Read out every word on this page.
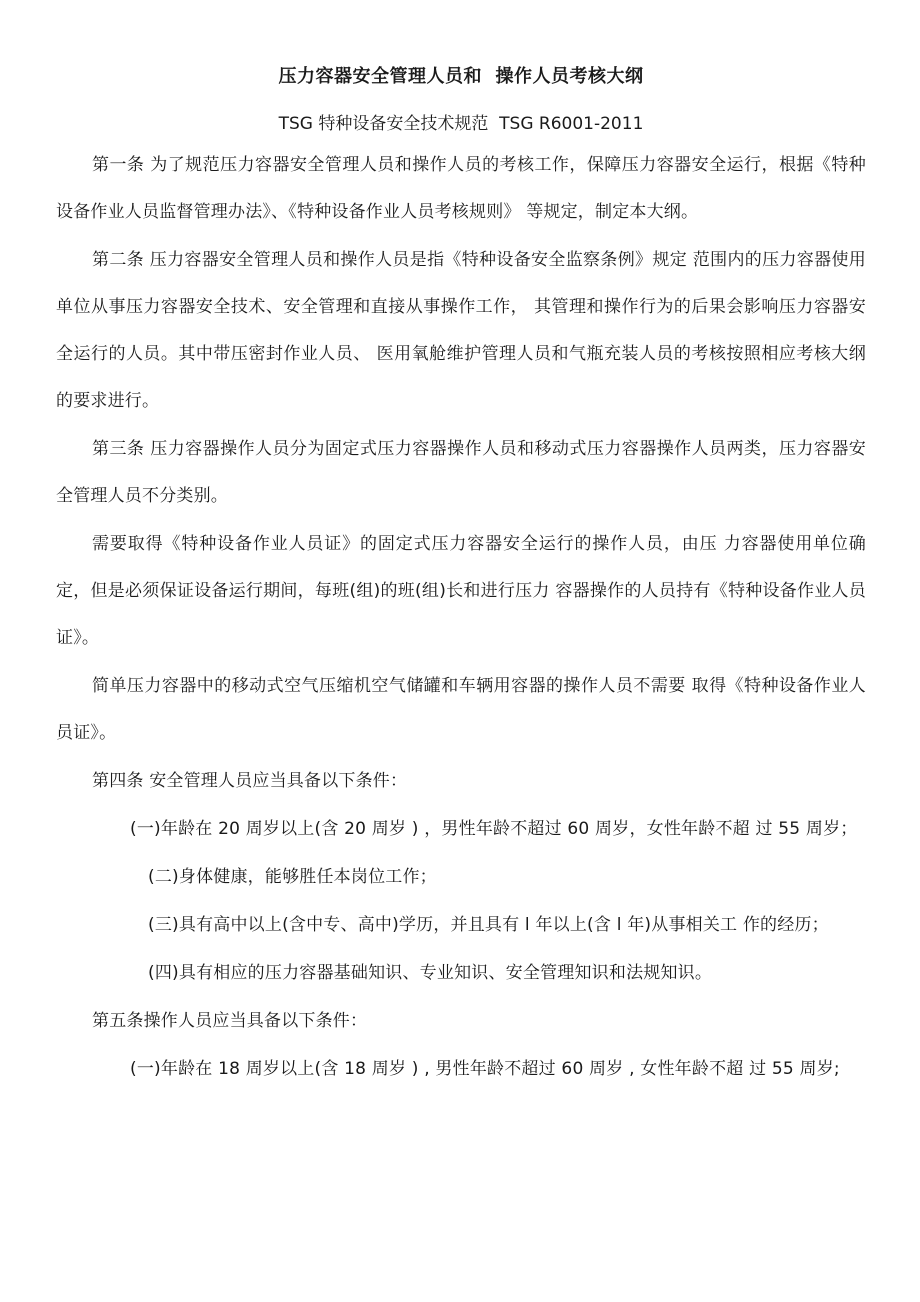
压力容器安全管理人员和  操作人员考核大纲
TSG 特种设备安全技术规范  TSG R6001-2011

第一条 为了规范压力容器安全管理人员和操作人员的考核工作，保障压力容器安全运行，根据《特种设备作业人员监督管理办法》、《特种设备作业人员考核规则》 等规定，制定本大纲。

第二条 压力容器安全管理人员和操作人员是指《特种设备安全监察条例》规定 范围内的压力容器使用单位从事压力容器安全技术、安全管理和直接从事操作工作， 其管理和操作行为的后果会影响压力容器安全运行的人员。其中带压密封作业人员、 医用氧舱维护管理人员和气瓶充装人员的考核按照相应考核大纲的要求进行。

第三条 压力容器操作人员分为固定式压力容器操作人员和移动式压力容器操作人员两类，压力容器安全管理人员不分类别。

需要取得《特种设备作业人员证》的固定式压力容器安全运行的操作人员，由压 力容器使用单位确定，但是必须保证设备运行期间，每班(组)的班(组)长和进行压力 容器操作的人员持有《特种设备作业人员证》。

简单压力容器中的移动式空气压缩机空气储罐和车辆用容器的操作人员不需要 取得《特种设备作业人员证》。

第四条 安全管理人员应当具备以下条件：

(一)年龄在 20 周岁以上(含 20 周岁 ) ，男性年龄不超过 60 周岁，女性年龄不超 过 55 周岁；

(二)身体健康，能够胜任本岗位工作；

(三)具有高中以上(含中专、高中)学历，并且具有 l 年以上(含 l 年)从事相关工 作的经历；

(四)具有相应的压力容器基础知识、专业知识、安全管理知识和法规知识。

第五条操作人员应当具备以下条件：

(一)年龄在 18 周岁以上(含 18 周岁 ) , 男性年龄不超过 60 周岁 , 女性年龄不超 过 55 周岁;
